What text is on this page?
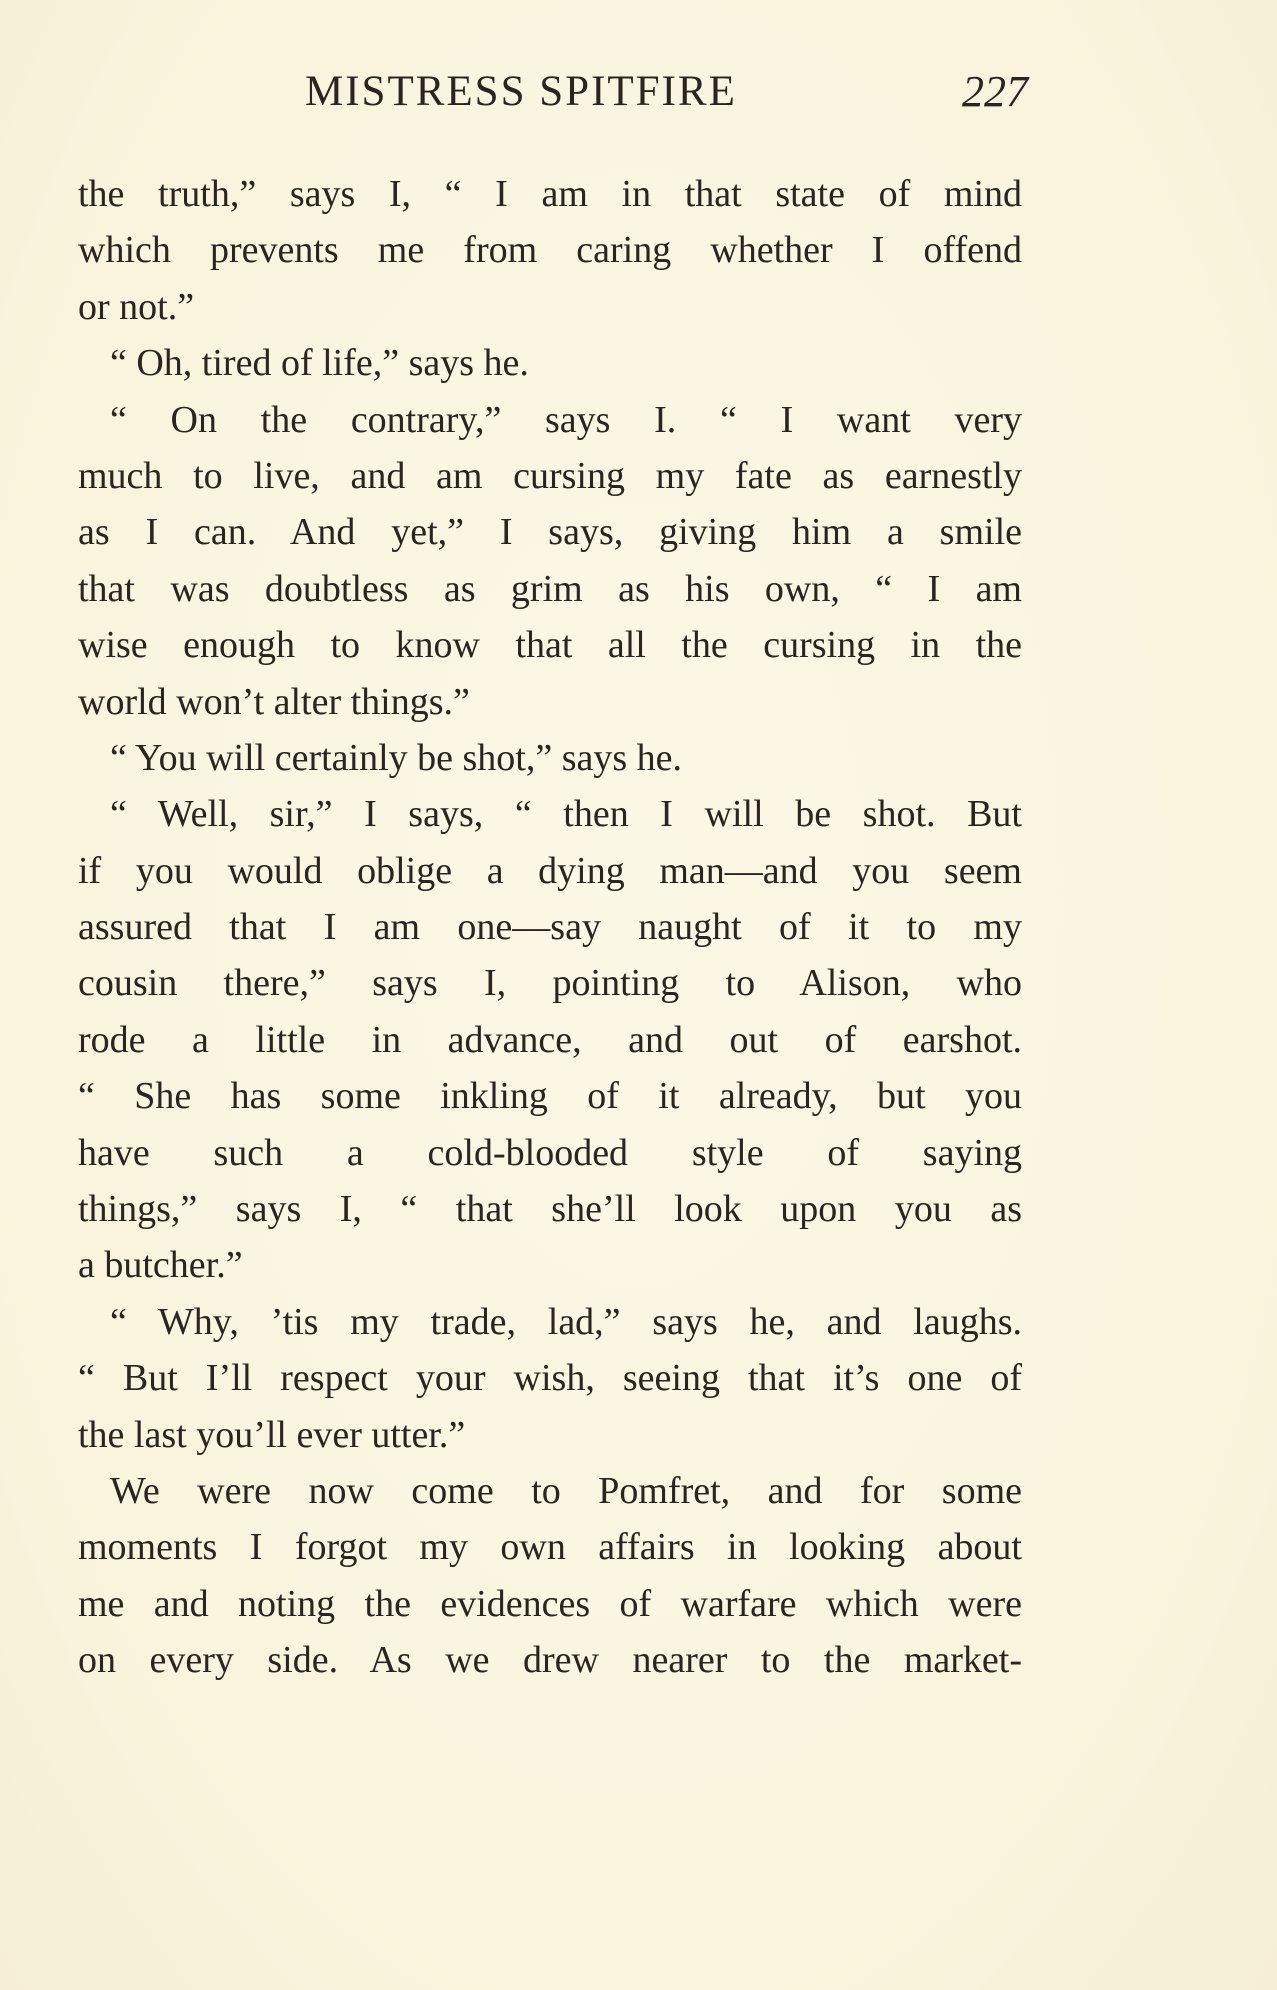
MISTRESS SPITFIRE	227
the truth,” says I, “ I am in that state of mind
which prevents me from caring whether I offend
or not.”
“ Oh, tired of life,” says he.
“ On the contrary,” says I. “ I want very
much to live, and am cursing my fate as earnestly
as I can. And yet,” I says, giving him a smile
that was doubtless as grim as his own, “ I am
wise enough to know that all the cursing in the
world won’t alter things.”
“ You will certainly be shot,” says he.
“ Well, sir,” I says, “ then I will be shot. But
if you would oblige a dying man—and you seem
assured that I am one—say naught of it to my
cousin there,” says I, pointing to Alison, who
rode a little in advance, and out of earshot.
“ She has some inkling of it already, but you
have such a cold-blooded style of saying
things,” says I, “ that she’ll look upon you as
a butcher.”
“ Why, ’tis my trade, lad,” says he, and laughs.
“ But I’ll respect your wish, seeing that it’s one of
the last you’ll ever utter.”
We were now come to Pomfret, and for some
moments I forgot my own affairs in looking about
me and noting the evidences of warfare which were
on every side. As we drew nearer to the market-
